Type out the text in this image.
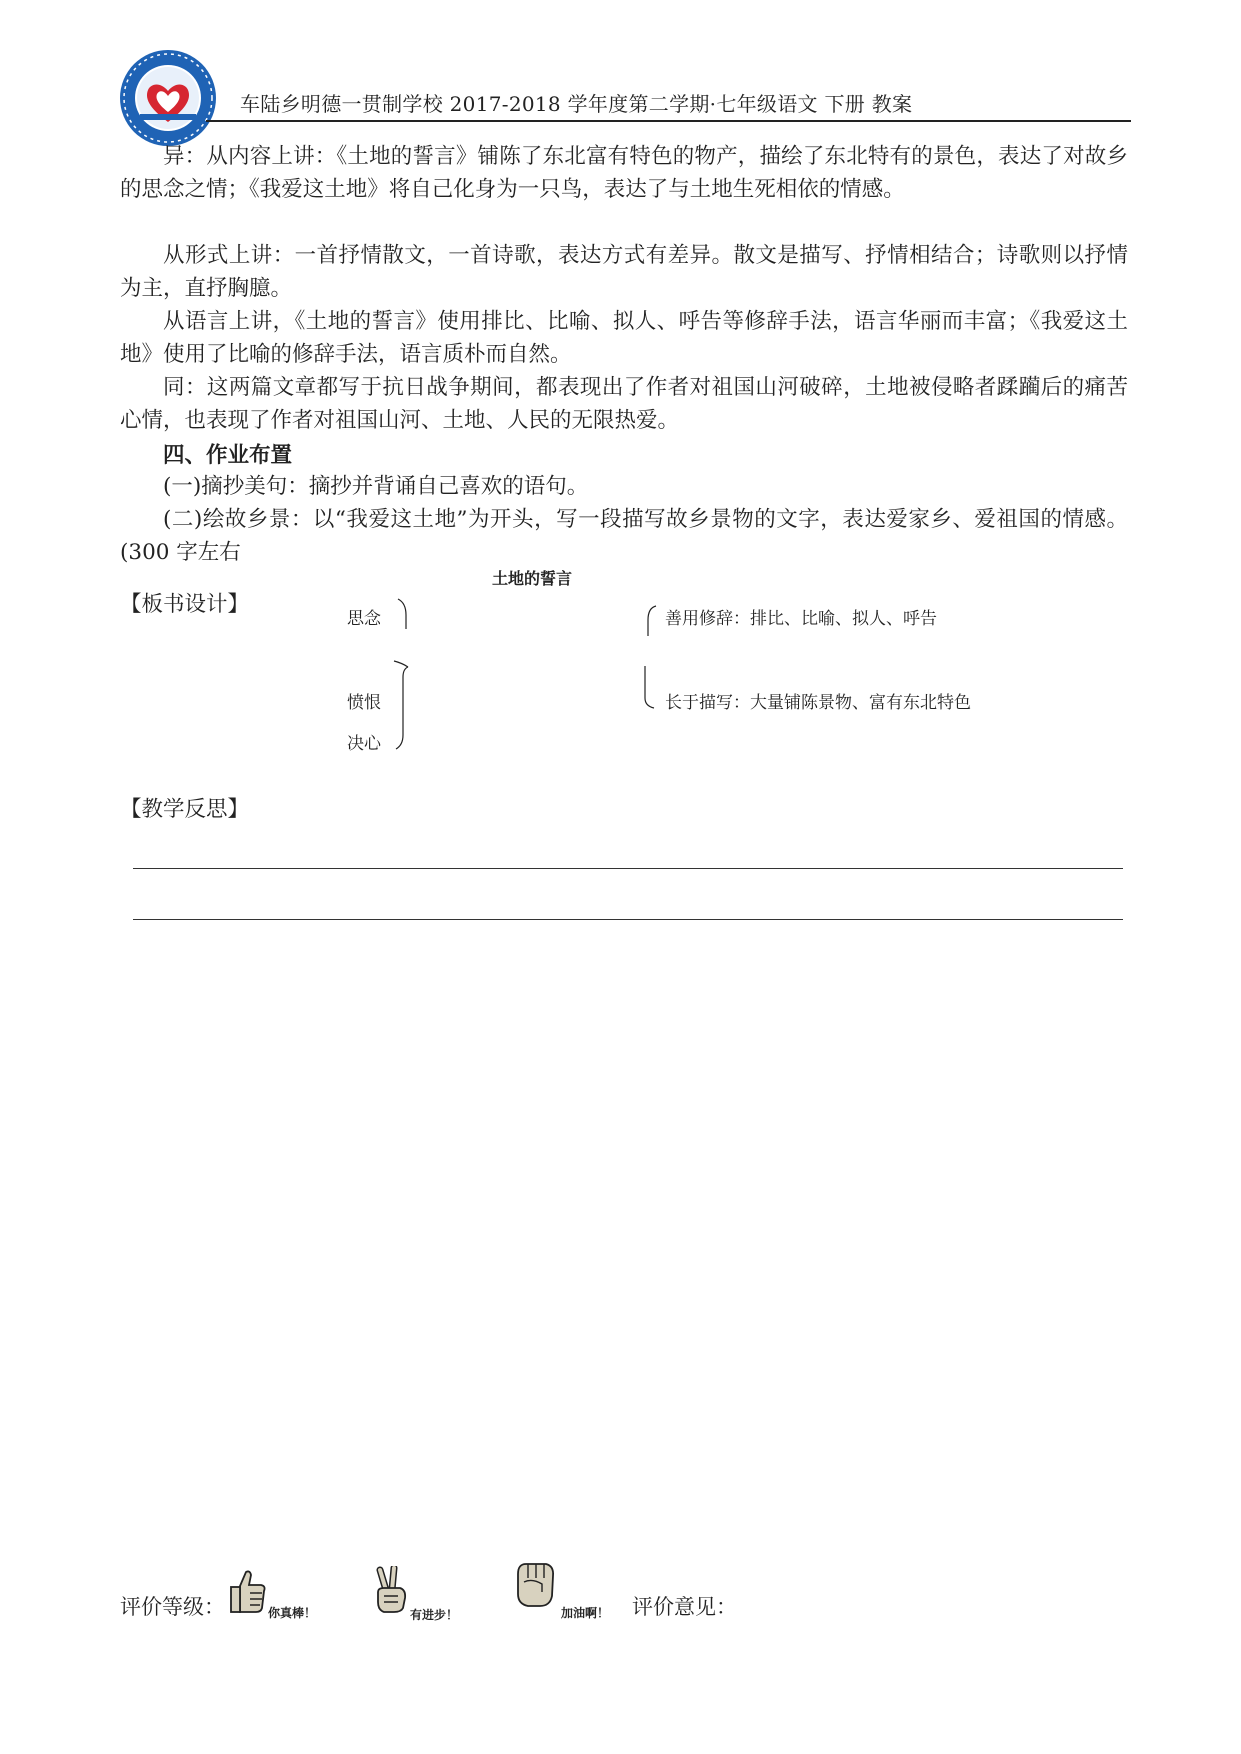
车陆乡明德一贯制学校 2017-2018 学年度第二学期·七年级语文 下册 教案

异：从内容上讲：《土地的誓言》铺陈了东北富有特色的物产，描绘了东北特有的景色，表达了对故乡的思念之情；《我爱这土地》将自己化身为一只鸟，表达了与土地生死相依的情感。

从形式上讲：一首抒情散文，一首诗歌，表达方式有差异。散文是描写、抒情相结合；诗歌则以抒情为主，直抒胸臆。

从语言上讲，《土地的誓言》使用排比、比喻、拟人、呼告等修辞手法，语言华丽而丰富；《我爱这土地》使用了比喻的修辞手法，语言质朴而自然。

同：这两篇文章都写于抗日战争期间，都表现出了作者对祖国山河破碎，土地被侵略者蹂躏后的痛苦心情，也表现了作者对祖国山河、土地、人民的无限热爱。

四、作业布置

(一)摘抄美句：摘抄并背诵自己喜欢的语句。

(二)绘故乡景：以“我爱这土地”为开头，写一段描写故乡景物的文字，表达爱家乡、爱祖国的情感。(300 字左右

土地的誓言
【板书设计】
思念
愤恨
决心
善用修辞：排比、比喻、拟人、呼告
长于描写：大量铺陈景物、富有东北特色
【教学反思】
评价等级：	你真棒！	有进步！	加油啊！ 评价意见：
